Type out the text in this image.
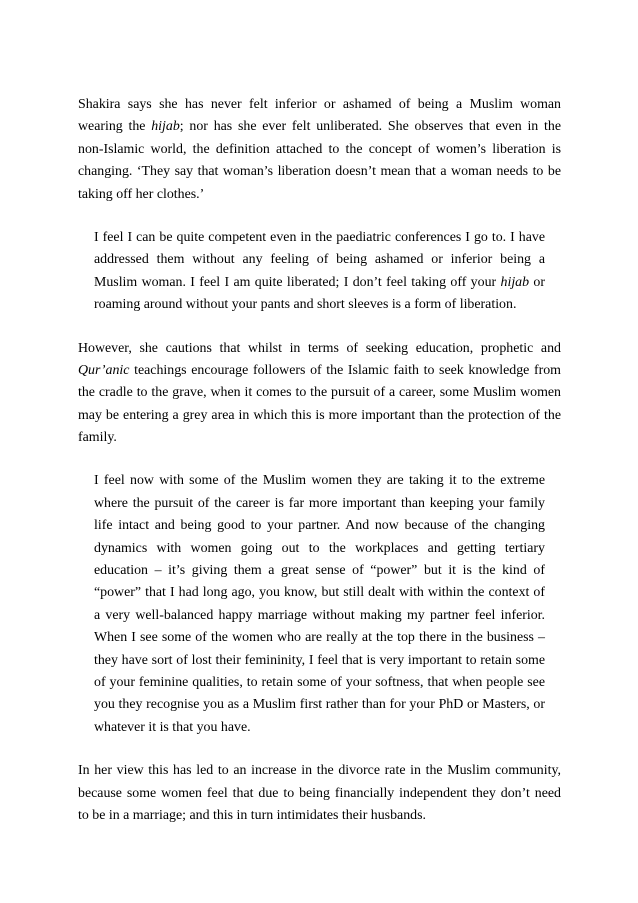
Shakira says she has never felt inferior or ashamed of being a Muslim woman
wearing the hijab; nor has she ever felt unliberated. She observes that even in the
non-Islamic world, the definition attached to the concept of women’s liberation is
changing. ‘They say that woman’s liberation doesn’t mean that a woman needs to be
taking off her clothes.’
I feel I can be quite competent even in the paediatric conferences I go to. I have
addressed them without any feeling of being ashamed or inferior being a
Muslim woman. I feel I am quite liberated; I don’t feel taking off your hijab or
roaming around without your pants and short sleeves is a form of liberation.
However, she cautions that whilst in terms of seeking education, prophetic and
Qur’anic teachings encourage followers of the Islamic faith to seek knowledge from
the cradle to the grave, when it comes to the pursuit of a career, some Muslim women
may be entering a grey area in which this is more important than the protection of the
family.
I feel now with some of the Muslim women they are taking it to the extreme
where the pursuit of the career is far more important than keeping your family
life intact and being good to your partner. And now because of the changing
dynamics with women going out to the workplaces and getting tertiary
education – it’s giving them a great sense of “power” but it is the kind of
“power” that I had long ago, you know, but still dealt with within the context of
a very well-balanced happy marriage without making my partner feel inferior.
When I see some of the women who are really at the top there in the business –
they have sort of lost their femininity, I feel that is very important to retain some
of your feminine qualities, to retain some of your softness, that when people see
you they recognise you as a Muslim first rather than for your PhD or Masters, or
whatever it is that you have.
In her view this has led to an increase in the divorce rate in the Muslim community,
because some women feel that due to being financially independent they don’t need
to be in a marriage; and this in turn intimidates their husbands.
